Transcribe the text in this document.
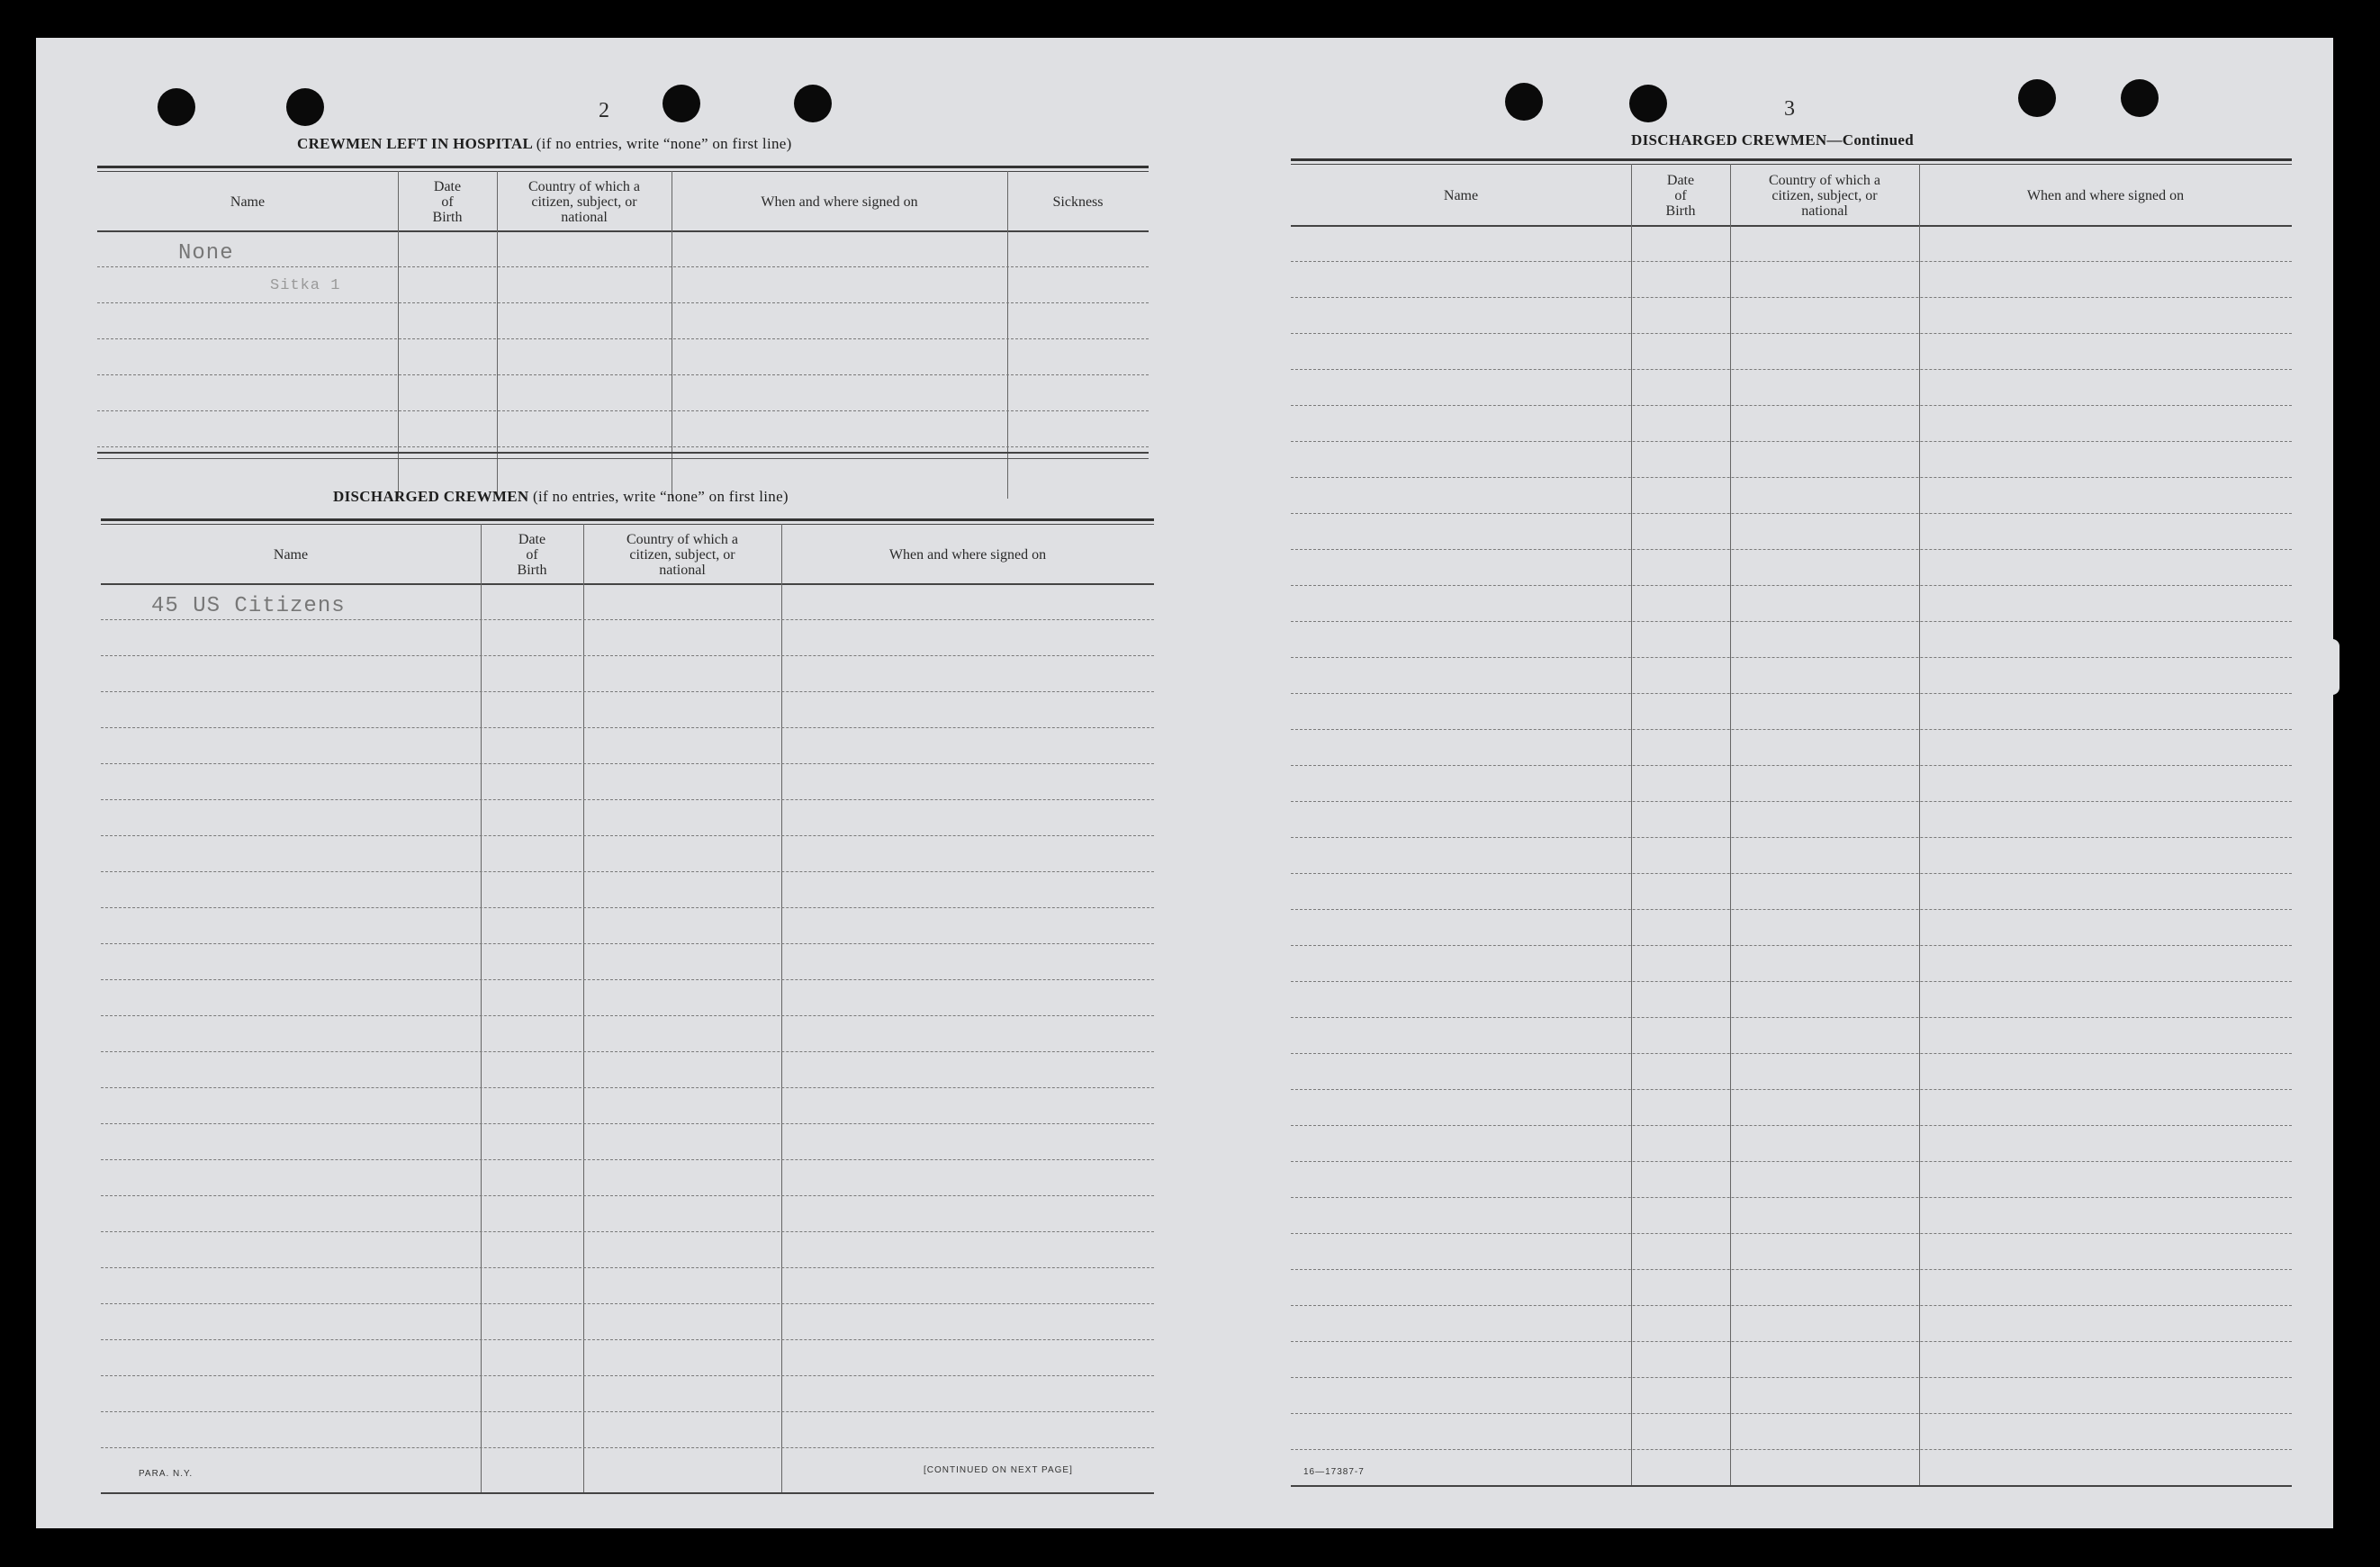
2
CREWMEN LEFT IN HOSPITAL (if no entries, write “none” on first line)
Name
Date
of
Birth
Country of which a
citizen, subject, or
national
When and where signed on	Sickness
None
Sitka 1
DISCHARGED CREWMEN (if no entries, write “none” on first line)
Name
Date
of
Birth
Country of which a
citizen, subject, or
national
When and where signed on
45 US Citizens
PARA. N.Y.	[CONTINUED ON NEXT PAGE]
3
DISCHARGED CREWMEN—Continued
Name
Date
of
Birth
Country of which a
citizen, subject, or
national
When and where signed on
16—17387-7
